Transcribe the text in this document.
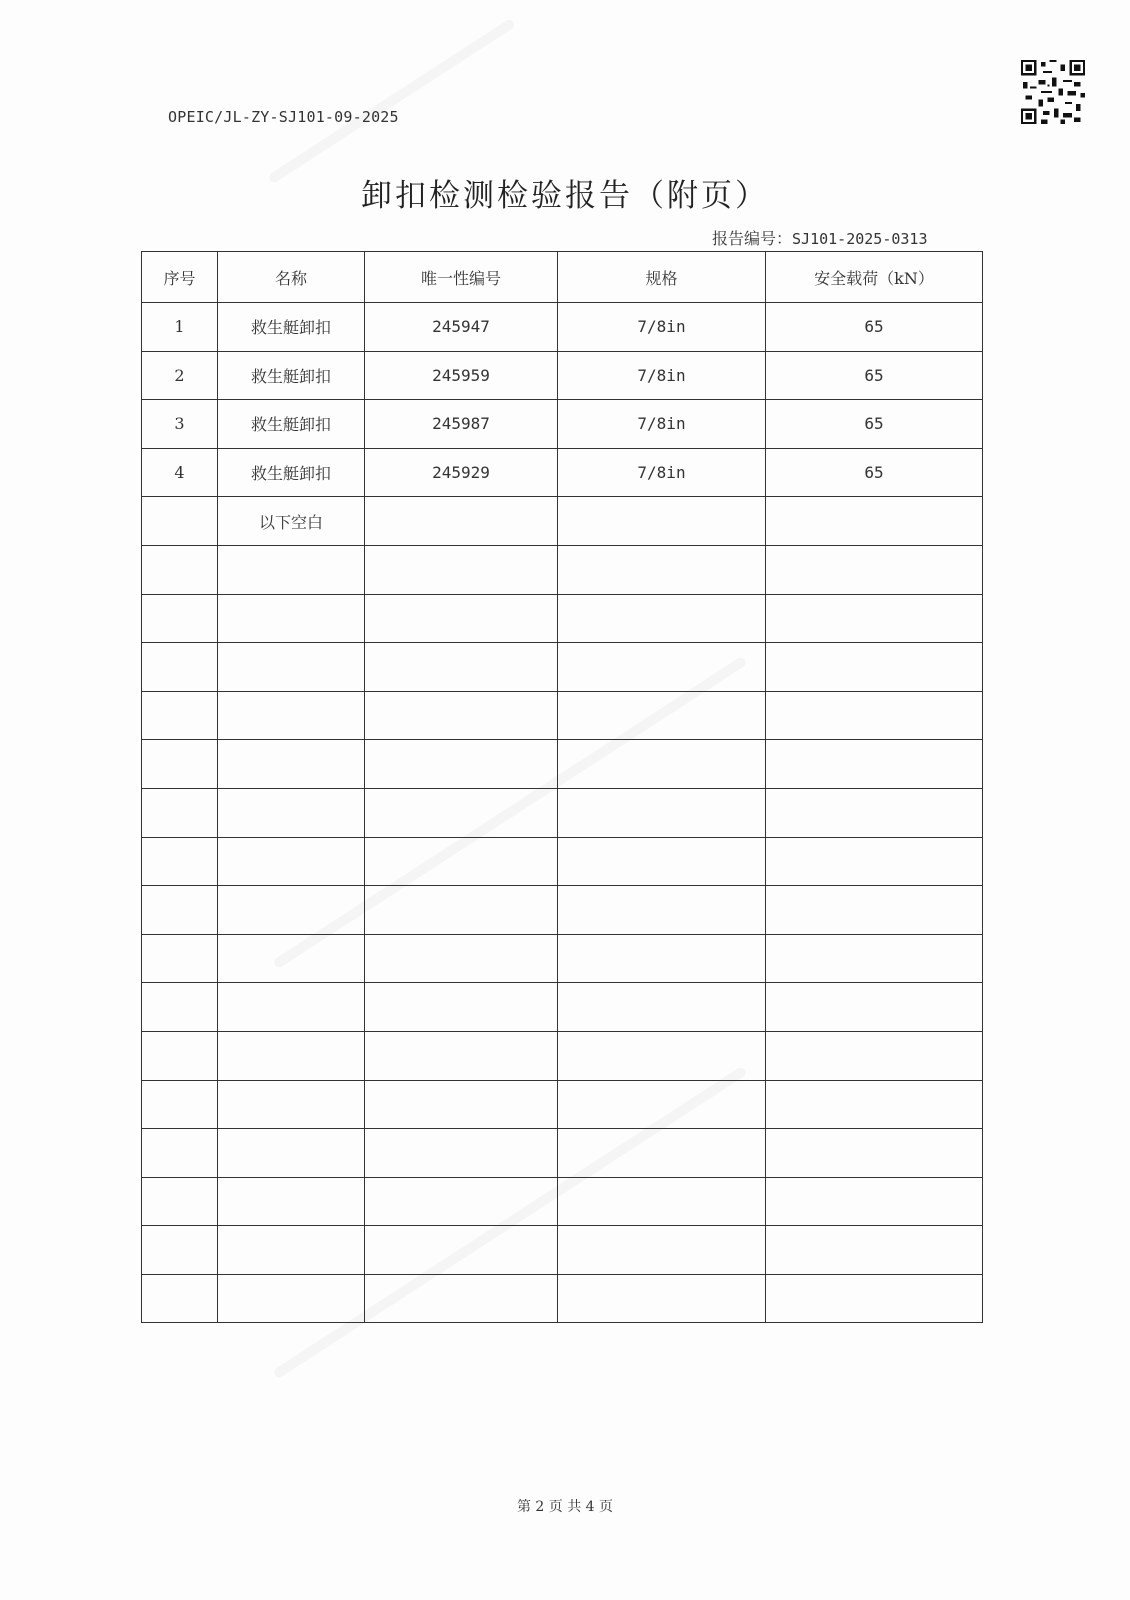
OPEIC/JL-ZY-SJ101-09-2025
卸扣检测检验报告（附页）
报告编号：SJ101-2025-0313
序号	名称	唯一性编号	规格	安全载荷（kN）
1	救生艇卸扣	245947	7/8in	65
2	救生艇卸扣	245959	7/8in	65
3	救生艇卸扣	245987	7/8in	65
4	救生艇卸扣	245929	7/8in	65
	以下空白			

第 2 页 共 4 页
